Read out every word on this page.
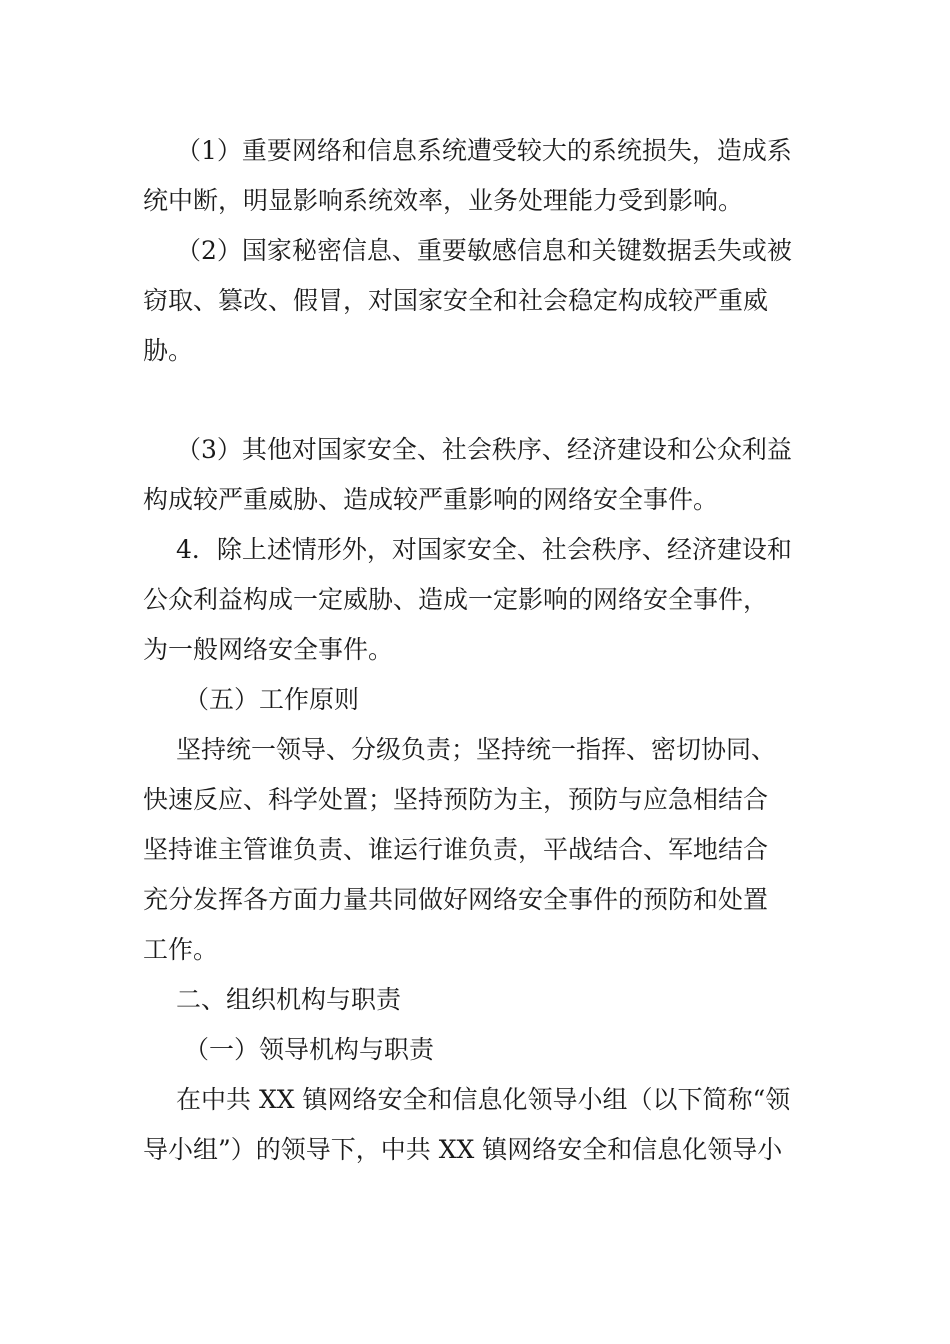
（1）重要网络和信息系统遭受较大的系统损失，造成系
统中断，明显影响系统效率，业务处理能力受到影响。
（2）国家秘密信息、重要敏感信息和关键数据丢失或被
窃取、篡改、假冒，对国家安全和社会稳定构成较严重威
胁。
（3）其他对国家安全、社会秩序、经济建设和公众利益
构成较严重威胁、造成较严重影响的网络安全事件。
4．除上述情形外，对国家安全、社会秩序、经济建设和
公众利益构成一定威胁、造成一定影响的网络安全事件，
为一般网络安全事件。
（五）工作原则
坚持统一领导、分级负责；坚持统一指挥、密切协同、
快速反应、科学处置；坚持预防为主，预防与应急相结合
坚持谁主管谁负责、谁运行谁负责，平战结合、军地结合
充分发挥各方面力量共同做好网络安全事件的预防和处置
工作。
二、组织机构与职责
（一）领导机构与职责
在中共 XX 镇网络安全和信息化领导小组（以下简称“领
导小组”）的领导下，中共 XX 镇网络安全和信息化领导小
